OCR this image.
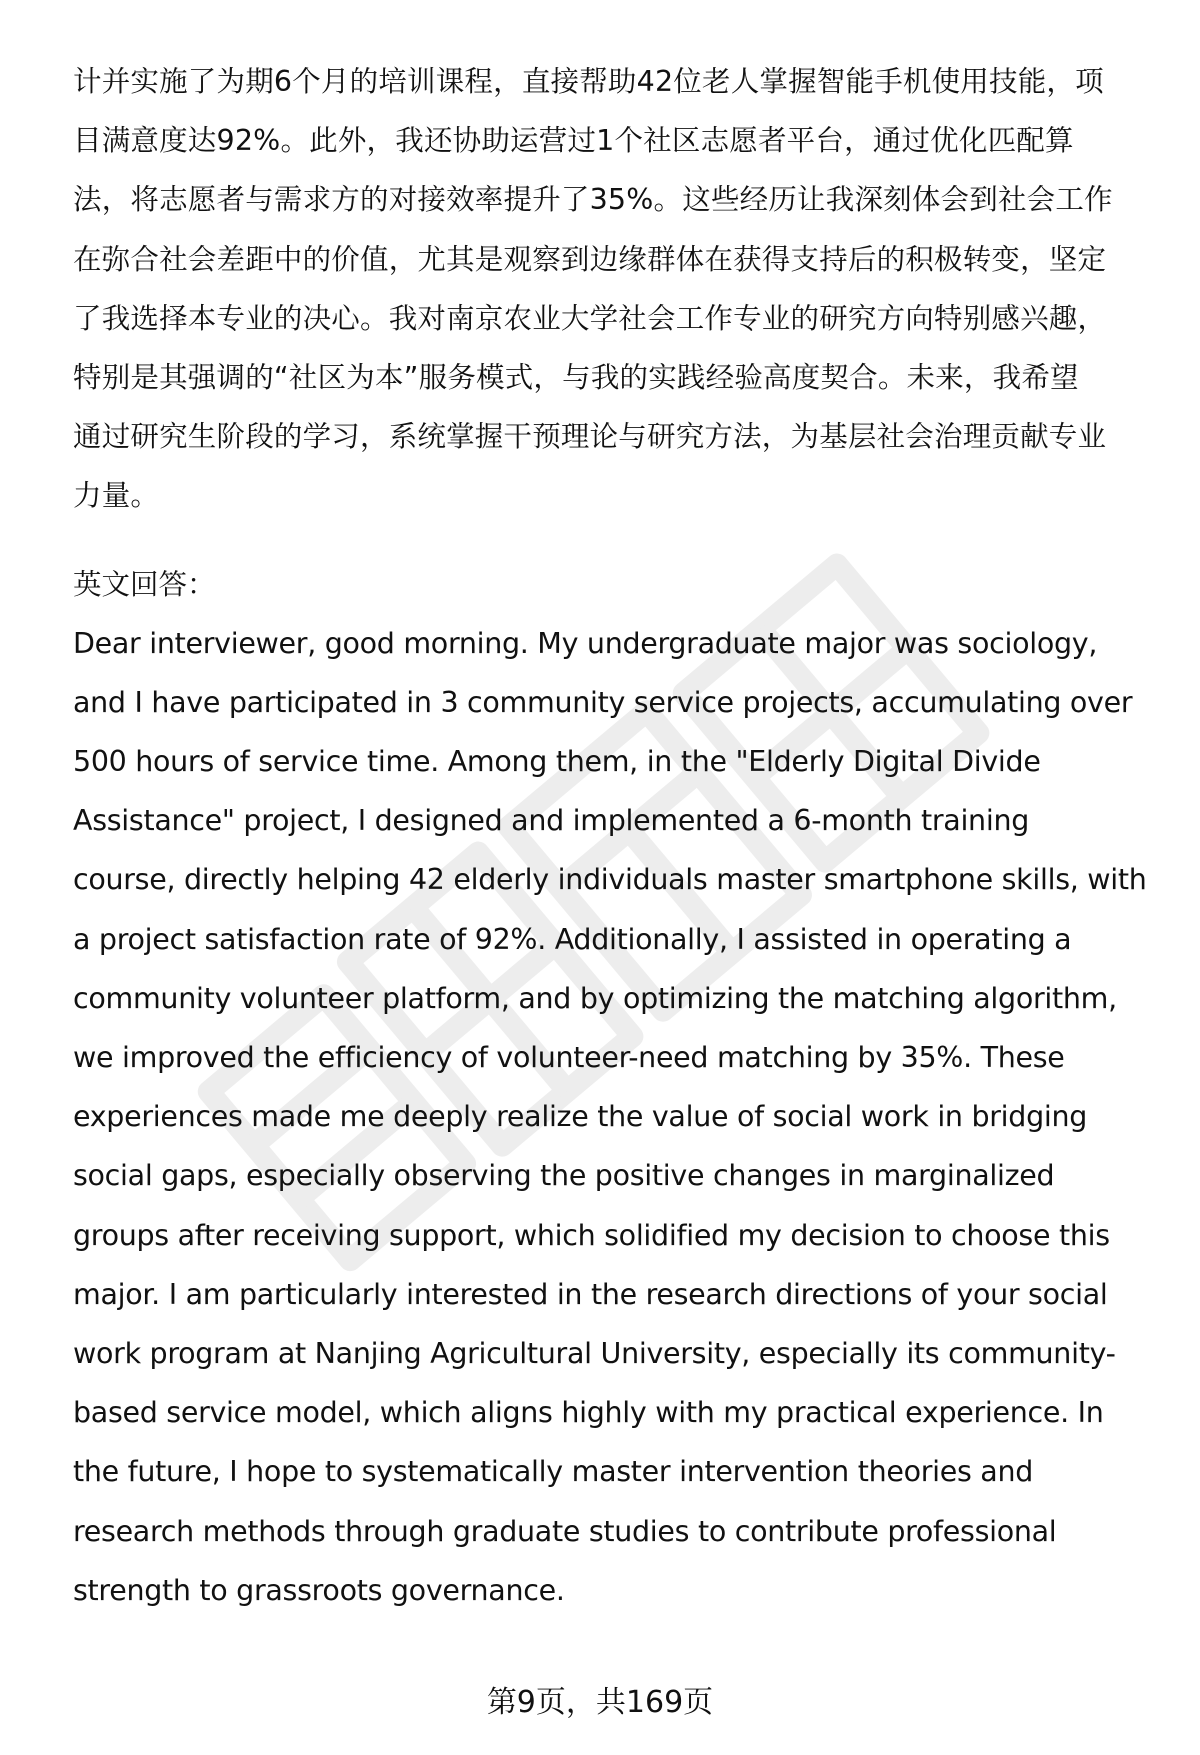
计并实施了为期6个月的培训课程，直接帮助42位老人掌握智能手机使用技能，项
目满意度达92%。此外，我还协助运营过1个社区志愿者平台，通过优化匹配算
法，将志愿者与需求方的对接效率提升了35%。这些经历让我深刻体会到社会工作
在弥合社会差距中的价值，尤其是观察到边缘群体在获得支持后的积极转变，坚定
了我选择本专业的决心。我对南京农业大学社会工作专业的研究方向特别感兴趣，
特别是其强调的“社区为本”服务模式，与我的实践经验高度契合。未来，我希望
通过研究生阶段的学习，系统掌握干预理论与研究方法，为基层社会治理贡献专业
力量。
英文回答：
Dear interviewer, good morning. My undergraduate major was sociology,
and I have participated in 3 community service projects, accumulating over
500 hours of service time. Among them, in the "Elderly Digital Divide
Assistance" project, I designed and implemented a 6-month training
course, directly helping 42 elderly individuals master smartphone skills, with
a project satisfaction rate of 92%. Additionally, I assisted in operating a
community volunteer platform, and by optimizing the matching algorithm,
we improved the efficiency of volunteer-need matching by 35%. These
experiences made me deeply realize the value of social work in bridging
social gaps, especially observing the positive changes in marginalized
groups after receiving support, which solidified my decision to choose this
major. I am particularly interested in the research directions of your social
work program at Nanjing Agricultural University, especially its community-
based service model, which aligns highly with my practical experience. In
the future, I hope to systematically master intervention theories and
research methods through graduate studies to contribute professional
strength to grassroots governance.
第9页，共169页
